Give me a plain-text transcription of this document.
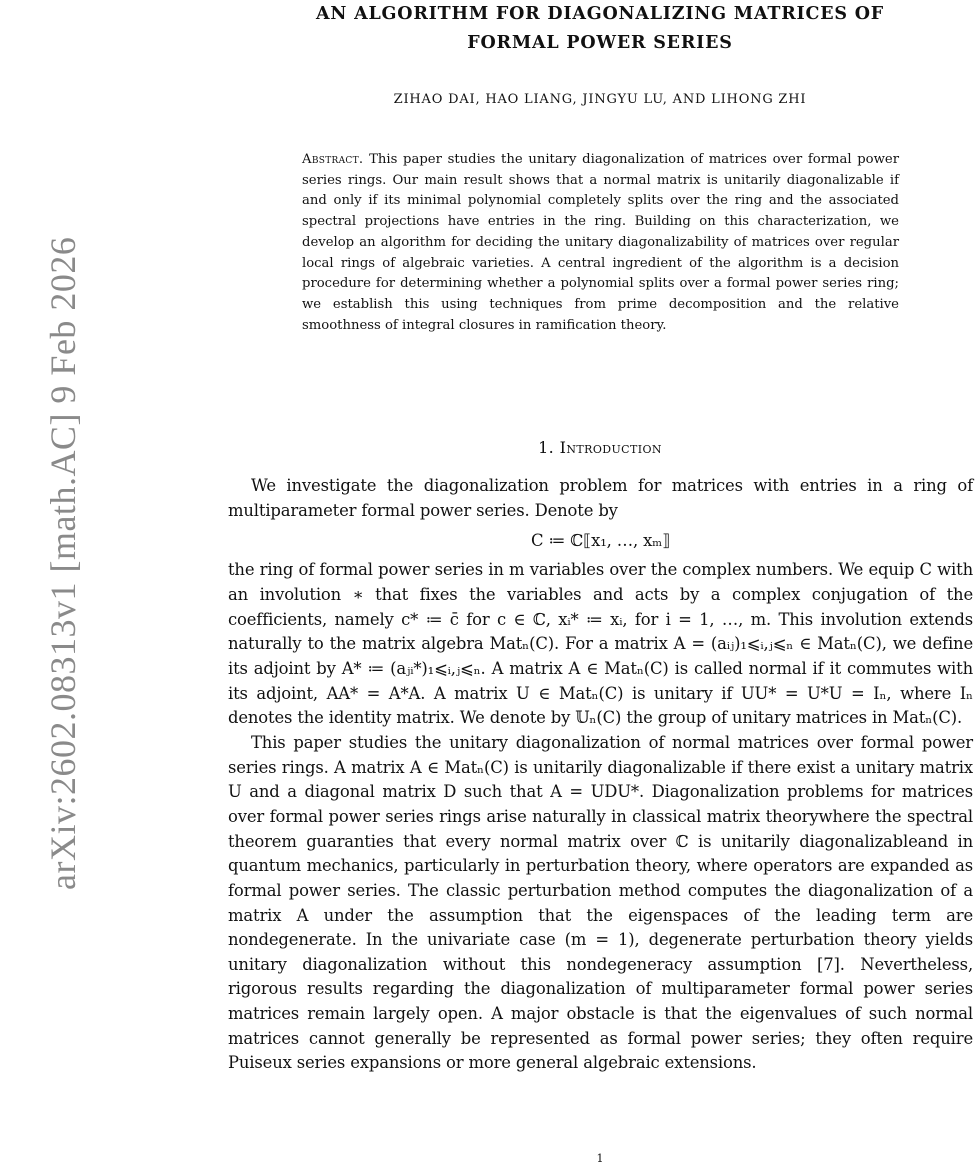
arXiv:2602.08313v1 [math.AC] 9 Feb 2026
AN ALGORITHM FOR DIAGONALIZING MATRICES OF
FORMAL POWER SERIES
ZIHAO DAI, HAO LIANG, JINGYU LU, AND LIHONG ZHI
Abstract. This paper studies the unitary diagonalization of matrices over formal power series rings. Our main result shows that a normal matrix is unitarily diagonalizable if and only if its minimal polynomial completely splits over the ring and the associated spectral projections have entries in the ring. Building on this characterization, we develop an algorithm for deciding the unitary diagonalizability of matrices over regular local rings of algebraic varieties. A central ingredient of the algorithm is a decision procedure for determining whether a polynomial splits over a formal power series ring; we establish this using techniques from prime decomposition and the relative smoothness of integral closures in ramification theory.
1. Introduction

We investigate the diagonalization problem for matrices with entries in a ring of multiparameter formal power series. Denote by

C ≔ ℂ⟦x₁, …, xₘ⟧

the ring of formal power series in m variables over the complex numbers. We equip C with an involution ∗ that fixes the variables and acts by a complex conjugation of the coefficients, namely c* ≔ c̄ for c ∈ ℂ, xᵢ* ≔ xᵢ, for i = 1, …, m. This involution extends naturally to the matrix algebra Matₙ(C). For a matrix A = (aᵢⱼ)₁⩽ᵢ,ⱼ⩽ₙ ∈ Matₙ(C), we define its adjoint by A* ≔ (aⱼᵢ*)₁⩽ᵢ,ⱼ⩽ₙ. A matrix A ∈ Matₙ(C) is called normal if it commutes with its adjoint, AA* = A*A. A matrix U ∈ Matₙ(C) is unitary if UU* = U*U = Iₙ, where Iₙ denotes the identity matrix. We denote by 𝕌ₙ(C) the group of unitary matrices in Matₙ(C).

This paper studies the unitary diagonalization of normal matrices over formal power series rings. A matrix A ∈ Matₙ(C) is unitarily diagonalizable if there exist a unitary matrix U and a diagonal matrix D such that A = UDU*. Diagonalization problems for matrices over formal power series rings arise naturally in classical matrix theorywhere the spectral theorem guaranties that every normal matrix over ℂ is unitarily diagonalizableand in quantum mechanics, particularly in perturbation theory, where operators are expanded as formal power series. The classic perturbation method computes the diagonalization of a matrix A under the assumption that the eigenspaces of the leading term are nondegenerate. In the univariate case (m = 1), degenerate perturbation theory yields unitary diagonalization without this nondegeneracy assumption [7]. Nevertheless, rigorous results regarding the diagonalization of multiparameter formal power series matrices remain largely open. A major obstacle is that the eigenvalues of such normal matrices cannot generally be represented as formal power series; they often require Puiseux series expansions or more general algebraic extensions.

1
